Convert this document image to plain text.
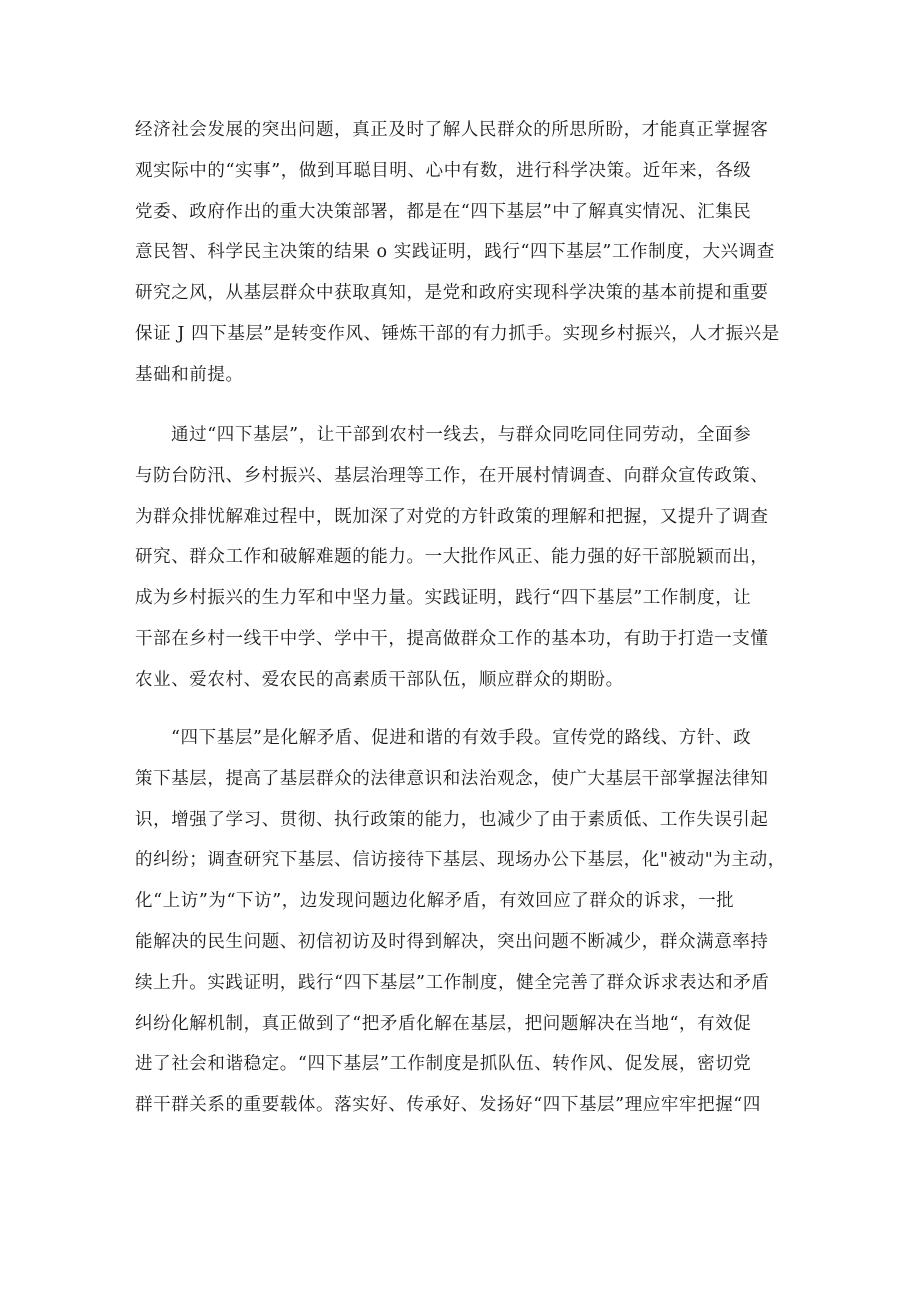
经济社会发展的突出问题，真正及时了解人民群众的所思所盼，才能真正掌握客
观实际中的“实事”，做到耳聪目明、心中有数，进行科学决策。近年来，各级
党委、政府作出的重大决策部署，都是在“四下基层”中了解真实情况、汇集民
意民智、科学民主决策的结果 o 实践证明，践行“四下基层”工作制度，大兴调查
研究之风，从基层群众中获取真知，是党和政府实现科学决策的基本前提和重要
保证 J 四下基层”是转变作风、锤炼干部的有力抓手。实现乡村振兴，人才振兴是
基础和前提。
通过“四下基层”，让干部到农村一线去，与群众同吃同住同劳动，全面参
与防台防汛、乡村振兴、基层治理等工作，在开展村情调查、向群众宣传政策、
为群众排忧解难过程中，既加深了对党的方针政策的理解和把握，又提升了调查
研究、群众工作和破解难题的能力。一大批作风正、能力强的好干部脱颖而出，
成为乡村振兴的生力军和中坚力量。实践证明，践行“四下基层”工作制度，让
干部在乡村一线干中学、学中干，提高做群众工作的基本功，有助于打造一支懂
农业、爱农村、爱农民的高素质干部队伍，顺应群众的期盼。
“四下基层”是化解矛盾、促进和谐的有效手段。宣传党的路线、方针、政
策下基层，提高了基层群众的法律意识和法治观念，使广大基层干部掌握法律知
识，增强了学习、贯彻、执行政策的能力，也减少了由于素质低、工作失误引起
的纠纷；调查研究下基层、信访接待下基层、现场办公下基层，化"被动"为主动，
化“上访”为“下访”，边发现问题边化解矛盾，有效回应了群众的诉求，一批
能解决的民生问题、初信初访及时得到解决，突出问题不断减少，群众满意率持
续上升。实践证明，践行“四下基层”工作制度，健全完善了群众诉求表达和矛盾
纠纷化解机制，真正做到了“把矛盾化解在基层，把问题解决在当地“，有效促
进了社会和谐稳定。“四下基层”工作制度是抓队伍、转作风、促发展，密切党
群干群关系的重要载体。落实好、传承好、发扬好“四下基层”理应牢牢把握“四
